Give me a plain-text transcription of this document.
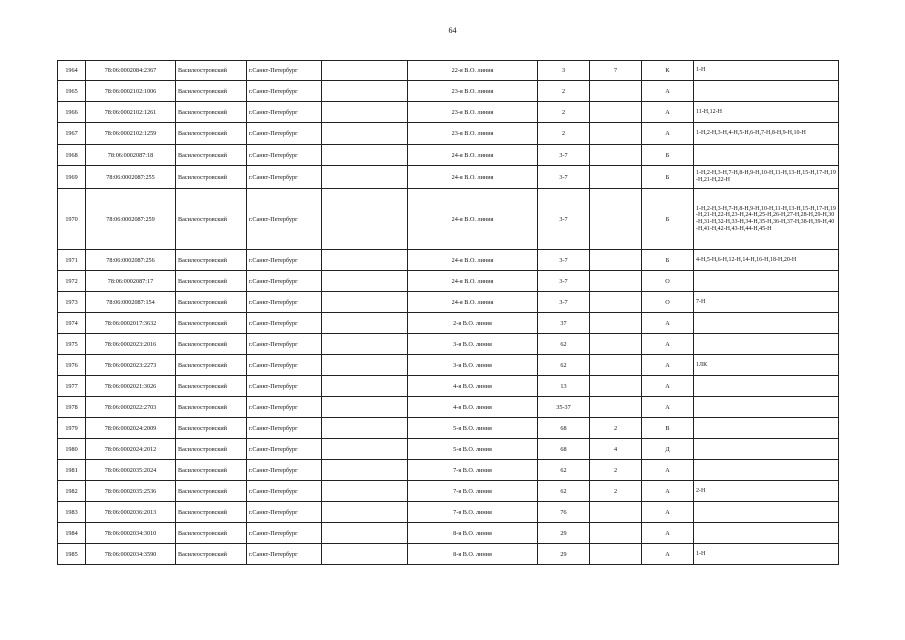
64
1964	78:06:0002084:2367	Василеостровский	г.Санкт-Петербург		22-я В.О. линия	3	7	К	1-Н
1965	78:06:0002102:1006	Василеостровский	г.Санкт-Петербург		23-я В.О. линия	2		А	
1966	78:06:0002102:1261	Василеостровский	г.Санкт-Петербург		23-я В.О. линия	2		А	11-Н,12-Н
1967	78:06:0002102:1259	Василеостровский	г.Санкт-Петербург		23-я В.О. линия	2		А	1-Н,2-Н,3-Н,4-Н,5-Н,6-Н,7-Н,8-Н,9-Н,10-Н
1968	78:06:0002087:18	Василеостровский	г.Санкт-Петербург		24-я В.О. линия	3-7		Б	
1969	78:06:0002087:255	Василеостровский	г.Санкт-Петербург		24-я В.О. линия	3-7		Б	1-Н,2-Н,3-Н,7-Н,8-Н,9-Н,10-Н,11-Н,13-Н,15-Н,17-Н,19-Н,21-Н,22-Н
1970	78:06:0002087:259	Василеостровский	г.Санкт-Петербург		24-я В.О. линия	3-7		Б	1-Н,2-Н,3-Н,7-Н,8-Н,9-Н,10-Н,11-Н,13-Н,15-Н,17-Н,19-Н,21-Н,22-Н,23-Н,24-Н,25-Н,26-Н,27-Н,28-Н,29-Н,30-Н,31-Н,32-Н,33-Н,34-Н,35-Н,36-Н,37-Н,38-Н,39-Н,40-Н,41-Н,42-Н,43-Н,44-Н,45-Н
1971	78:06:0002087:256	Василеостровский	г.Санкт-Петербург		24-я В.О. линия	3-7		Б	4-Н,5-Н,6-Н,12-Н,14-Н,16-Н,18-Н,20-Н
1972	78:06:0002087:17	Василеостровский	г.Санкт-Петербург		24-я В.О. линия	3-7		О	
1973	78:06:0002087:154	Василеостровский	г.Санкт-Петербург		24-я В.О. линия	3-7		О	7-Н
1974	78:06:0002017:3632	Василеостровский	г.Санкт-Петербург		2-я В.О. линия	37		А	
1975	78:06:0002023:2016	Василеостровский	г.Санкт-Петербург		3-я В.О. линия	62		А	
1976	78:06:0002023:2273	Василеостровский	г.Санкт-Петербург		3-я В.О. линия	62		А	1ЛК
1977	78:06:0002021:3026	Василеостровский	г.Санкт-Петербург		4-я В.О. линия	13		А	
1978	78:06:0002022:2703	Василеостровский	г.Санкт-Петербург		4-я В.О. линия	35-37		А	
1979	78:06:0002024:2009	Василеостровский	г.Санкт-Петербург		5-я В.О. линия	68	2	В	
1980	78:06:0002024:2012	Василеостровский	г.Санкт-Петербург		5-я В.О. линия	68	4	Д	
1981	78:06:0002035:2024	Василеостровский	г.Санкт-Петербург		7-я В.О. линия	62	2	А	
1982	78:06:0002035:2536	Василеостровский	г.Санкт-Петербург		7-я В.О. линия	62	2	А	2-Н
1983	78:06:0002036:2013	Василеостровский	г.Санкт-Петербург		7-я В.О. линия	76		А	
1984	78:06:0002034:3010	Василеостровский	г.Санкт-Петербург		8-я В.О. линия	29		А	
1985	78:06:0002034:3590	Василеостровский	г.Санкт-Петербург		8-я В.О. линия	29		А	1-Н
